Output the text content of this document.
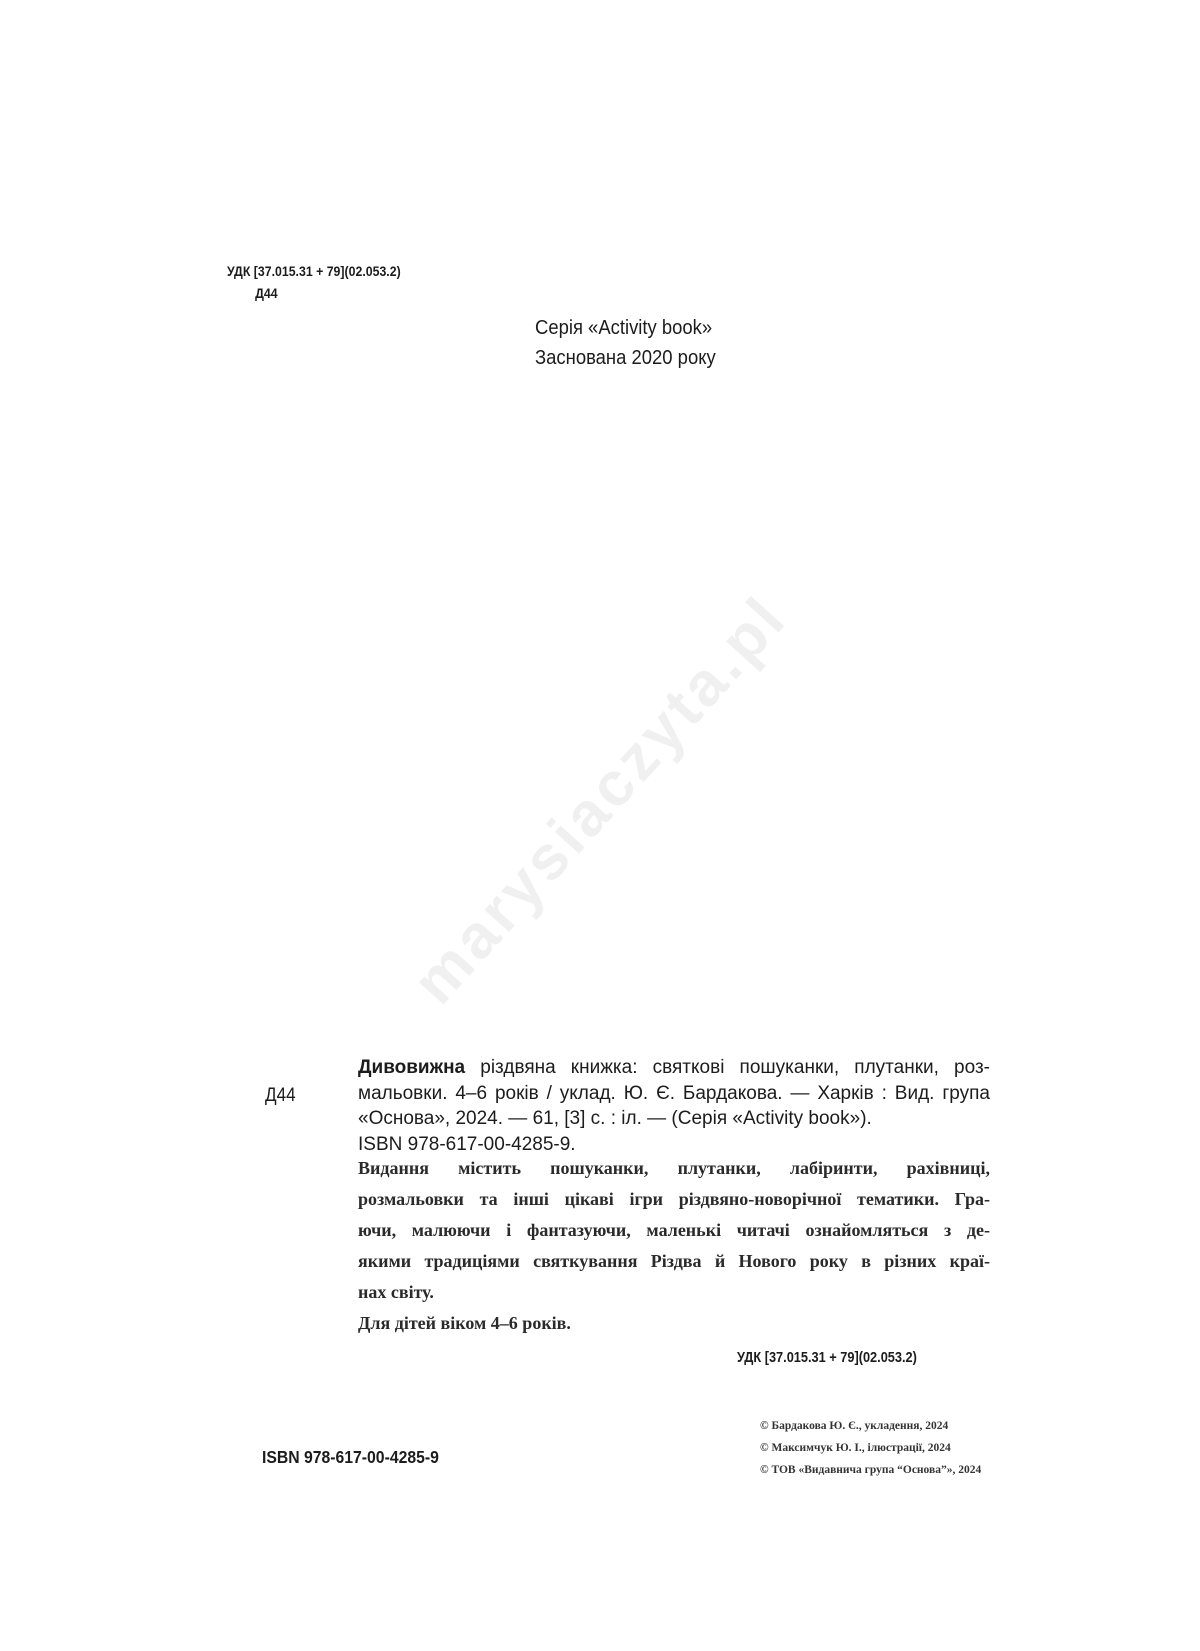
УДК [37.015.31 + 79](02.053.2)
Д44
Серія «Activity book»
Заснована 2020 року
marysiaczyta.pl
Д44
Дивовижна різдвяна книжка: святкові пошуканки, плутанки, роз-
мальовки. 4–6 років / уклад. Ю. Є. Бардакова. — Харків : Вид. група
«Основа», 2024. — 61, [3] с. : іл. — (Серія «Activity book»).
ISBN 978-617-00-4285-9.
Видання містить пошуканки, плутанки, лабіринти, рахівниці,
розмальовки та інші цікаві ігри різдвяно-новорічної тематики. Гра-
ючи, малюючи і фантазуючи, маленькі читачі ознайомляться з де-
якими традиціями святкування Різдва й Нового року в різних краї-
нах світу.
Для дітей віком 4–6 років.
УДК [37.015.31 + 79](02.053.2)
ISBN 978-617-00-4285-9
© Бардакова Ю. Є., укладення, 2024
© Максимчук Ю. І., ілюстрації, 2024
© ТОВ «Видавнича група “Основа”», 2024
